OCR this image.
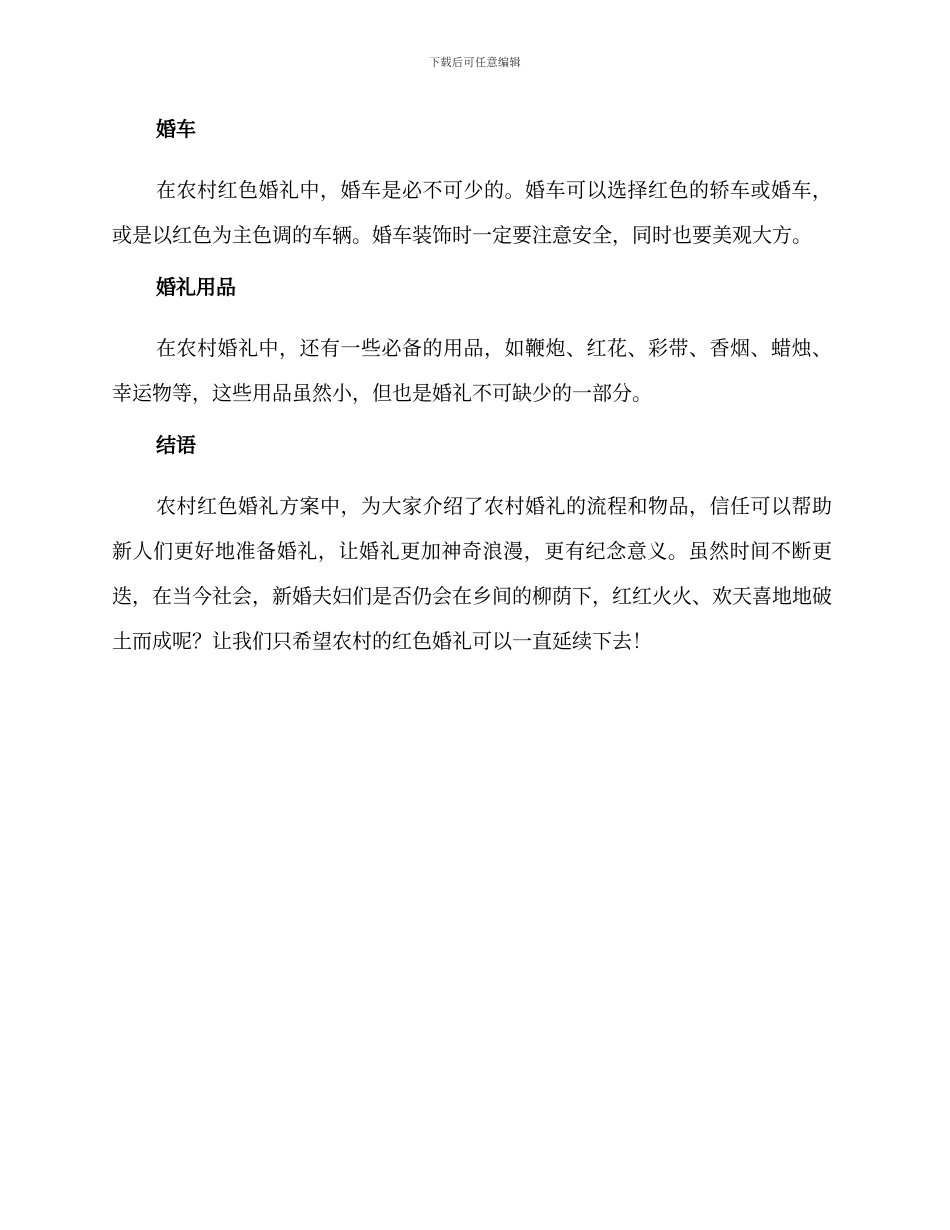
下载后可任意编辑
婚车

在农村红色婚礼中，婚车是必不可少的。婚车可以选择红色的轿车或婚车，或是以红色为主色调的车辆。婚车装饰时一定要注意安全，同时也要美观大方。

婚礼用品

在农村婚礼中，还有一些必备的用品，如鞭炮、红花、彩带、香烟、蜡烛、幸运物等，这些用品虽然小，但也是婚礼不可缺少的一部分。

结语

农村红色婚礼方案中，为大家介绍了农村婚礼的流程和物品，信任可以帮助新人们更好地准备婚礼，让婚礼更加神奇浪漫，更有纪念意义。虽然时间不断更迭，在当今社会，新婚夫妇们是否仍会在乡间的柳荫下，红红火火、欢天喜地地破土而成呢？让我们只希望农村的红色婚礼可以一直延续下去！
